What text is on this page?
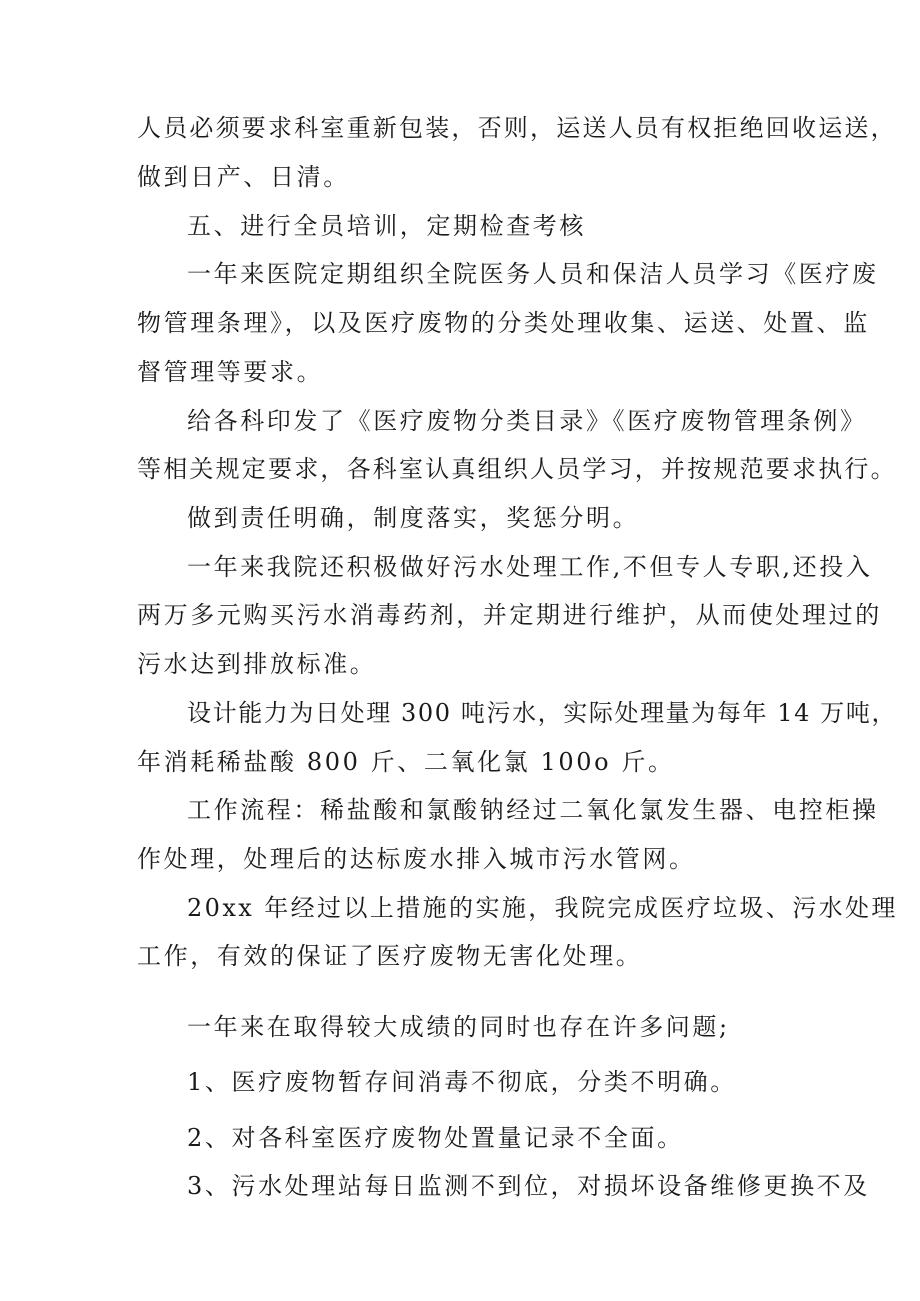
人员必须要求科室重新包装，否则，运送人员有权拒绝回收运送，
做到日产、日清。
五、进行全员培训，定期检查考核
一年来医院定期组织全院医务人员和保洁人员学习《医疗废
物管理条理》，以及医疗废物的分类处理收集、运送、处置、监
督管理等要求。
给各科印发了《医疗废物分类目录》《医疗废物管理条例》
等相关规定要求，各科室认真组织人员学习，并按规范要求执行。
做到责任明确，制度落实，奖惩分明。
一年来我院还积极做好污水处理工作,不但专人专职,还投入
两万多元购买污水消毒药剂，并定期进行维护，从而使处理过的
污水达到排放标准。
设计能力为日处理 300 吨污水，实际处理量为每年 14 万吨，
年消耗稀盐酸 800 斤、二氧化氯 100o 斤。
工作流程：稀盐酸和氯酸钠经过二氧化氯发生器、电控柜操
作处理，处理后的达标废水排入城市污水管网。
20xx 年经过以上措施的实施，我院完成医疗垃圾、污水处理
工作，有效的保证了医疗废物无害化处理。
一年来在取得较大成绩的同时也存在许多问题;
1、医疗废物暂存间消毒不彻底，分类不明确。
2、对各科室医疗废物处置量记录不全面。
3、污水处理站每日监测不到位，对损坏设备维修更换不及
